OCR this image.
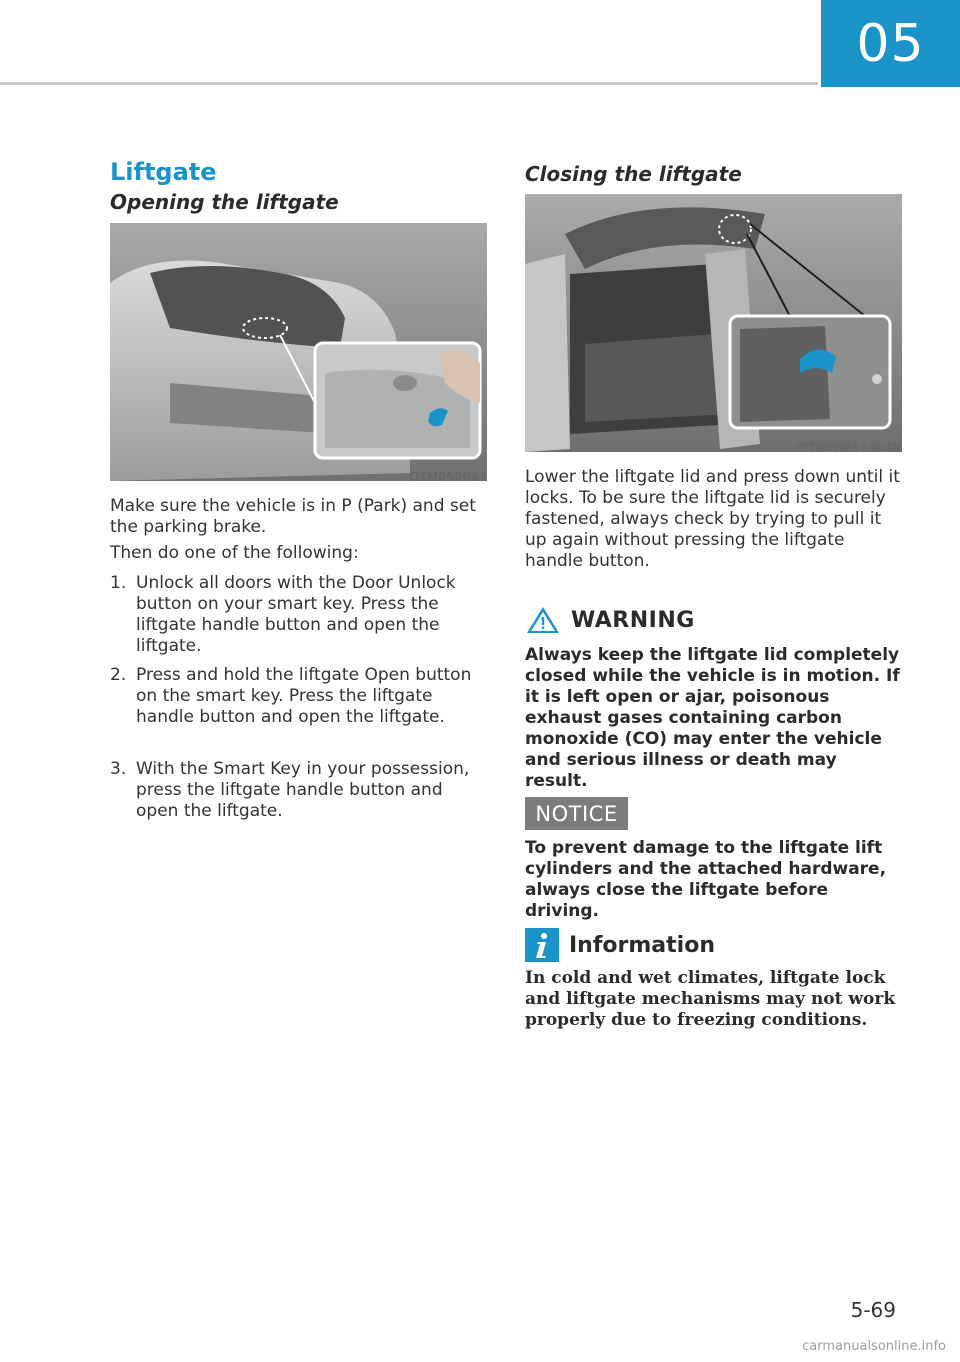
05
Liftgate
Opening the liftgate
OTM050047

Make sure the vehicle is in P (Park) and set the parking brake.

Then do one of the following:

1. Unlock all doors with the Door Unlock button on your smart key. Press the liftgate handle button and open the liftgate.
2. Press and hold the liftgate Open button on the smart key. Press the liftgate handle button and open the liftgate.
3. With the Smart Key in your possession, press the liftgate handle button and open the liftgate.
Closing the liftgate
OTMPH051004N

Lower the liftgate lid and press down until it locks. To be sure the liftgate lid is securely fastened, always check by trying to pull it up again without pressing the liftgate handle button.

WARNING

Always keep the liftgate lid completely closed while the vehicle is in motion. If it is left open or ajar, poisonous exhaust gases containing carbon monoxide (CO) may enter the vehicle and serious illness or death may result.

NOTICE

To prevent damage to the liftgate lift cylinders and the attached hardware, always close the liftgate before driving.

Information

In cold and wet climates, liftgate lock and liftgate mechanisms may not work properly due to freezing conditions.

5-69
carmanualsonline.info
